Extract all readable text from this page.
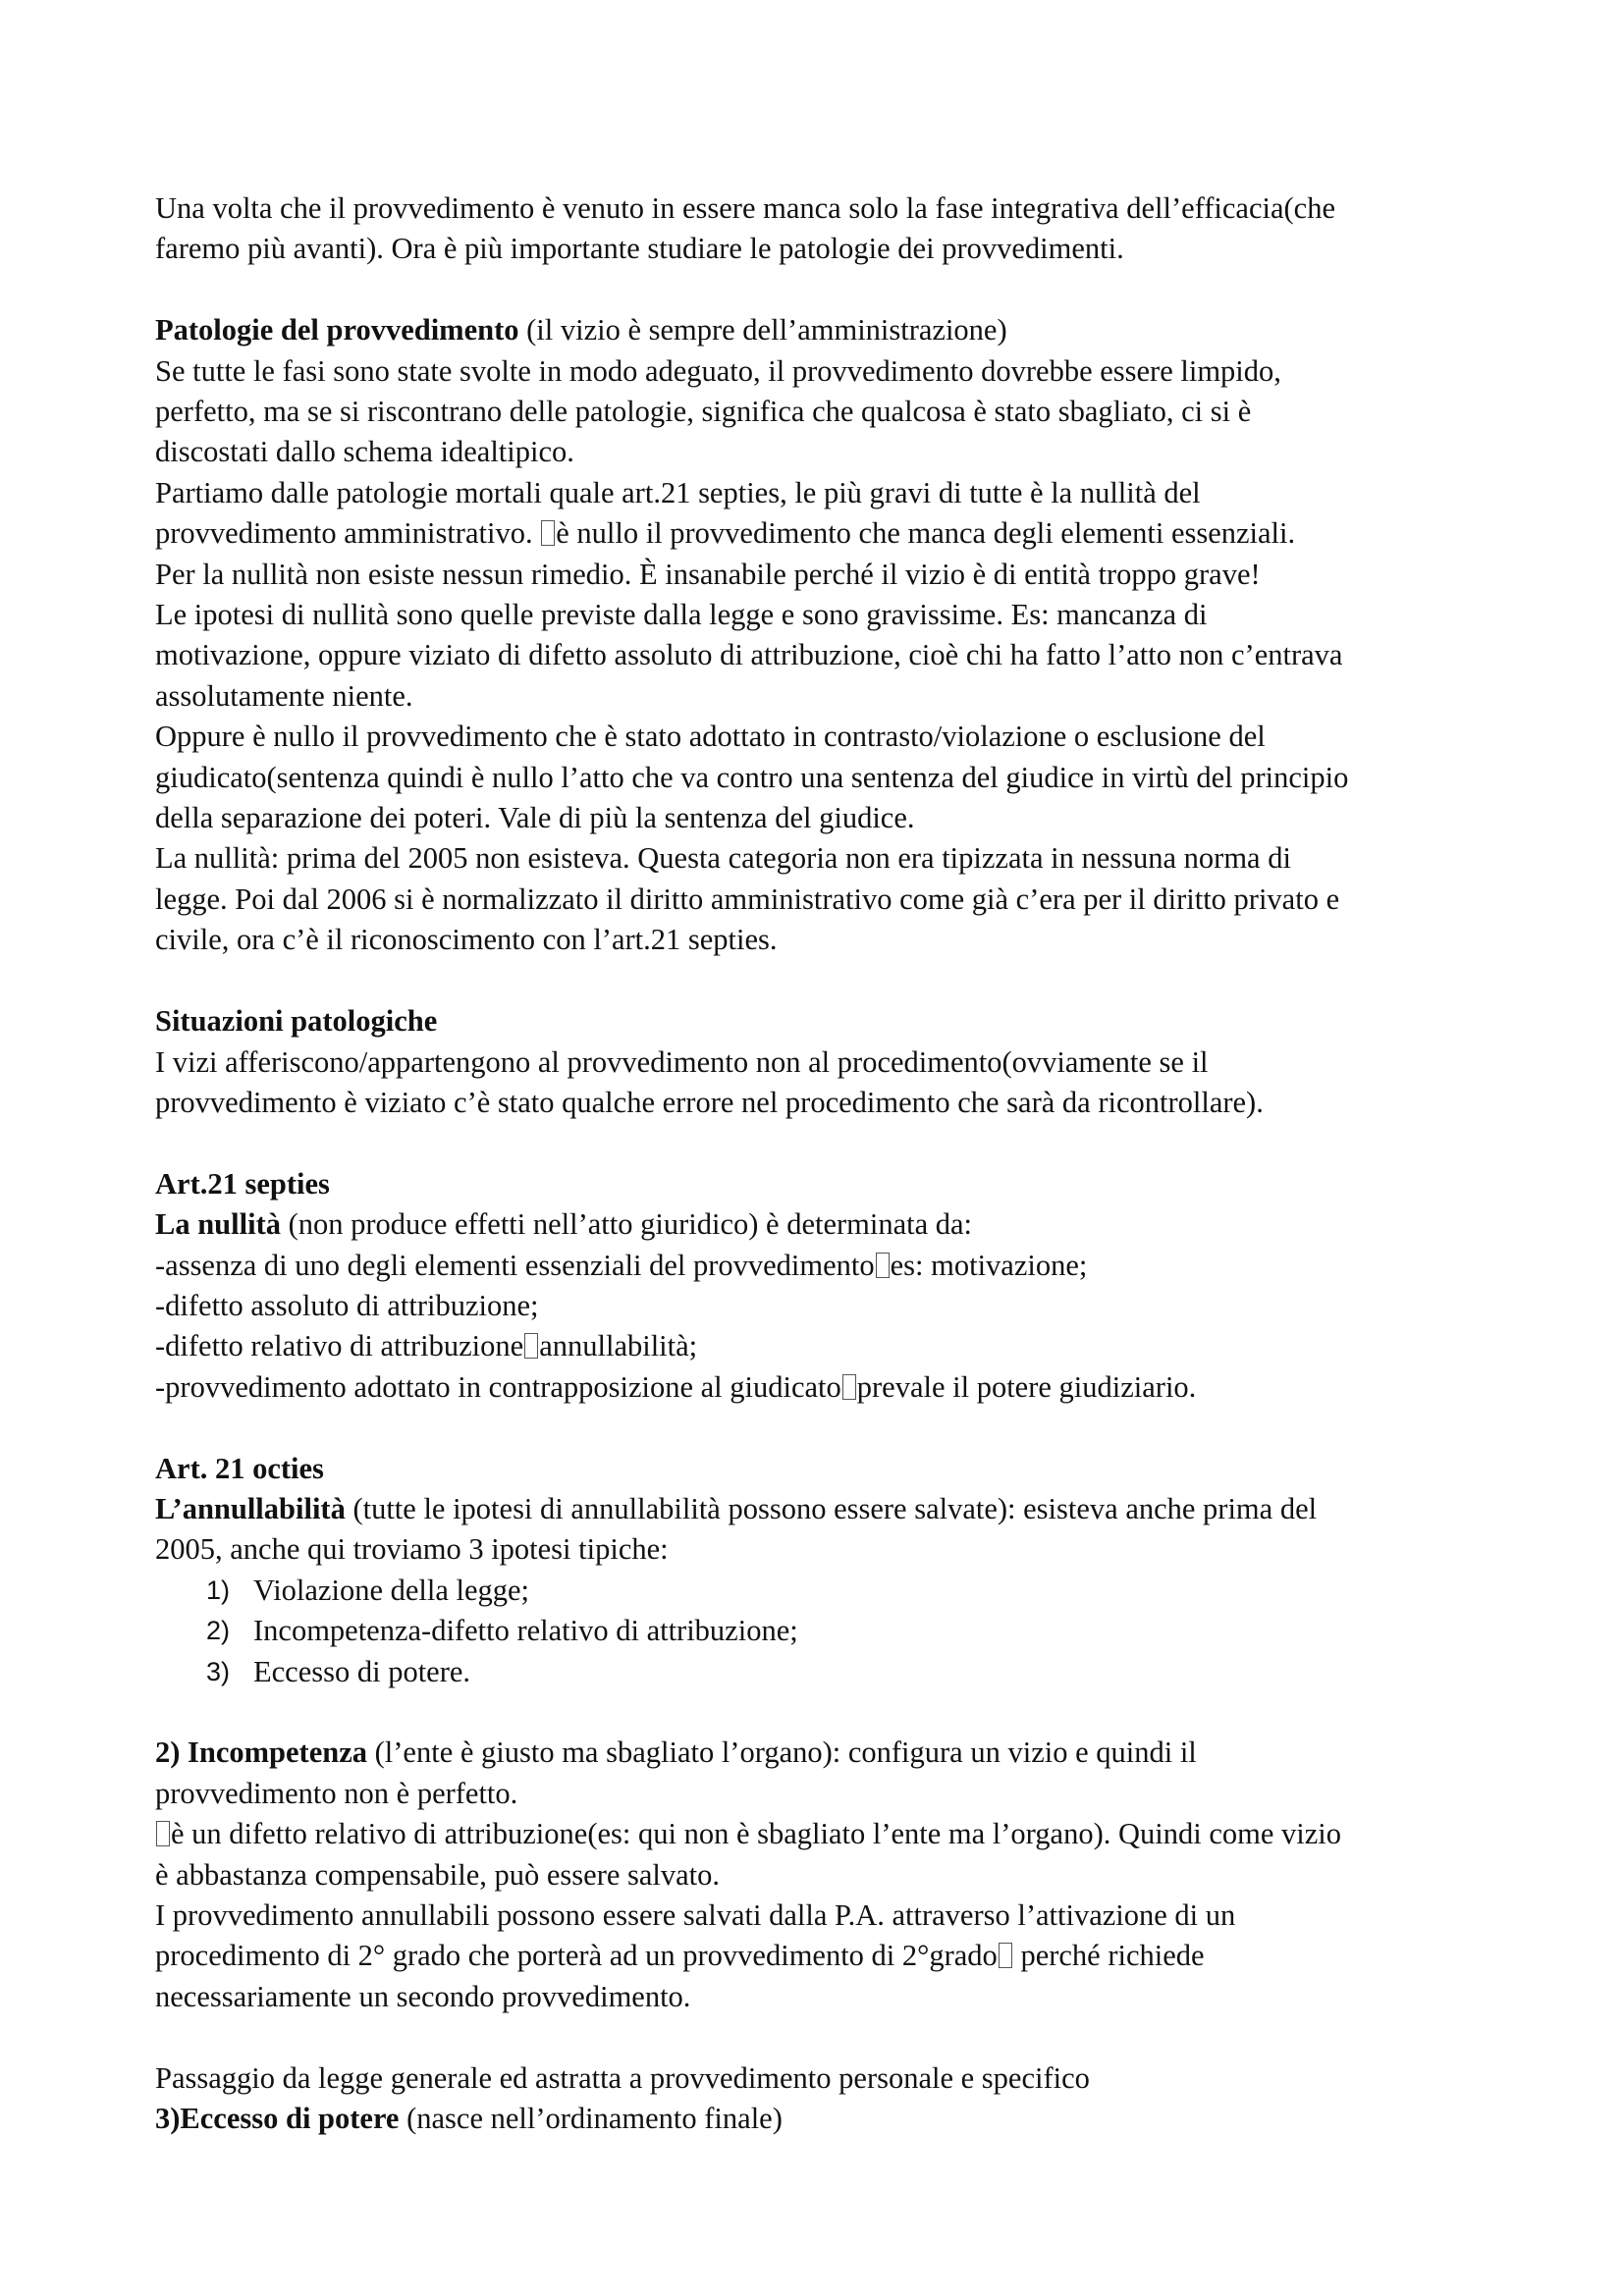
Una volta che il provvedimento è venuto in essere manca solo la fase integrativa dell’efficacia(che

faremo più avanti). Ora è più importante studiare le patologie dei provvedimenti.

Patologie del provvedimento (il vizio è sempre dell’amministrazione)

Se tutte le fasi sono state svolte in modo adeguato, il provvedimento dovrebbe essere limpido,

perfetto, ma se si riscontrano delle patologie, significa che qualcosa è stato sbagliato, ci si è

discostati dallo schema idealtipico.

Partiamo dalle patologie mortali quale art.21 septies, le più gravi di tutte è la nullità del

provvedimento amministrativo. è nullo il provvedimento che manca degli elementi essenziali.

Per la nullità non esiste nessun rimedio. È insanabile perché il vizio è di entità troppo grave!

Le ipotesi di nullità sono quelle previste dalla legge e sono gravissime. Es: mancanza di

motivazione, oppure viziato di difetto assoluto di attribuzione, cioè chi ha fatto l’atto non c’entrava

assolutamente niente.

Oppure è nullo il provvedimento che è stato adottato in contrasto/violazione o esclusione del

giudicato(sentenza quindi è nullo l’atto che va contro una sentenza del giudice in virtù del principio

della separazione dei poteri. Vale di più la sentenza del giudice.

La nullità: prima del 2005 non esisteva. Questa categoria non era tipizzata in nessuna norma di

legge. Poi dal 2006 si è normalizzato il diritto amministrativo come già c’era per il diritto privato e

civile, ora c’è il riconoscimento con l’art.21 septies.

Situazioni patologiche

I vizi afferiscono/appartengono al provvedimento non al procedimento(ovviamente se il

provvedimento è viziato c’è stato qualche errore nel procedimento che sarà da ricontrollare).

Art.21 septies

La nullità (non produce effetti nell’atto giuridico) è determinata da:

-assenza di uno degli elementi essenziali del provvedimento es: motivazione;

-difetto assoluto di attribuzione;

-difetto relativo di attribuzione annullabilità;

-provvedimento adottato in contrapposizione al giudicato prevale il potere giudiziario.

Art. 21 octies

L’annullabilità (tutte le ipotesi di annullabilità possono essere salvate): esisteva anche prima del

2005, anche qui troviamo 3 ipotesi tipiche:

1) Violazione della legge;
2) Incompetenza-difetto relativo di attribuzione;
3) Eccesso di potere.

2) Incompetenza (l’ente è giusto ma sbagliato l’organo): configura un vizio e quindi il

provvedimento non è perfetto.

è un difetto relativo di attribuzione(es: qui non è sbagliato l’ente ma l’organo). Quindi come vizio

è abbastanza compensabile, può essere salvato.

I provvedimento annullabili possono essere salvati dalla P.A. attraverso l’attivazione di un

procedimento di 2° grado che porterà ad un provvedimento di 2°grado perché richiede

necessariamente un secondo provvedimento.

Passaggio da legge generale ed astratta a provvedimento personale e specifico

3)Eccesso di potere (nasce nell’ordinamento finale)
